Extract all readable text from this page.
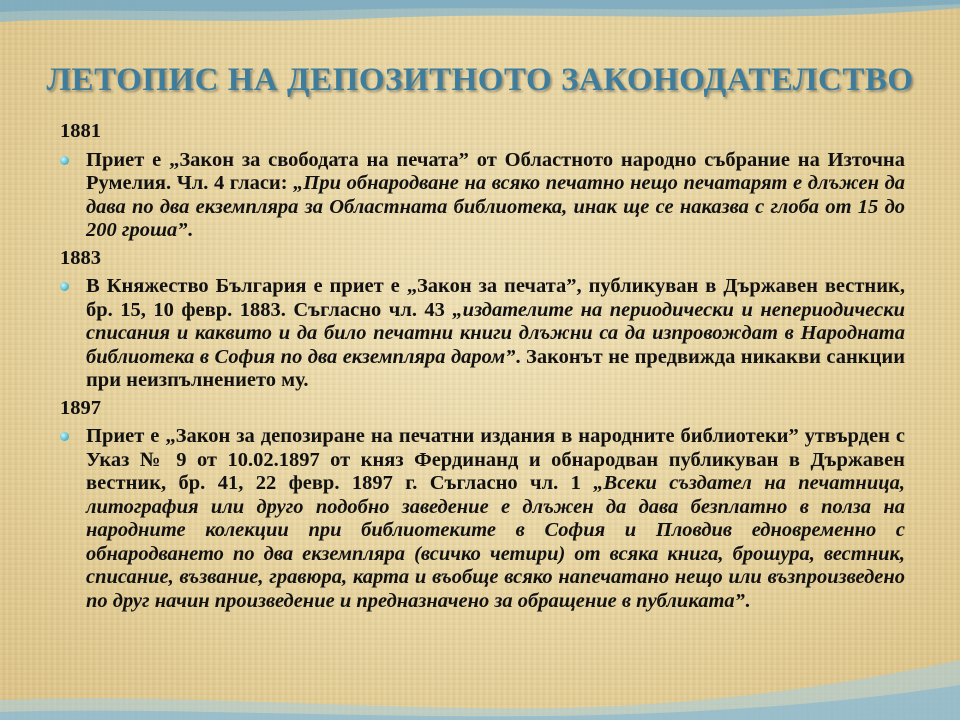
ЛЕТОПИС НА ДЕПОЗИТНОТО ЗАКОНОДАТЕЛСТВО
1881
Приет е „Закон за свободата на печата” от Областното народно събрание на Източна Румелия. Чл. 4 гласи: „При обнародване на всяко печатно нещо печатарят е длъжен да дава по два екземпляра за Областната библиотека, инак ще се наказва с глоба от 15 до 200 гроша”.
1883
В Княжество България е приет е „Закон за печата”, публикуван в Държавен вестник, бр. 15, 10 февр. 1883. Съгласно чл. 43 „издателите на периодически и непериодически списания и каквито и да било печатни книги длъжни са да изпровождат в Народната библиотека в София по два екземпляра даром”. Законът не предвижда никакви санкции при неизпълнението му.
1897
Приет е „Закон за депозиране на печатни издания в народните библиотеки” утвърден с Указ № 9 от 10.02.1897 от княз Фердинанд и обнародван публикуван в Държавен вестник, бр. 41, 22 февр. 1897 г. Съгласно чл. 1 „Всеки създател на печатница, литография или друго подобно заведение е длъжен да дава безплатно в полза на народните колекции при библиотеките в София и Пловдив едновременно с обнародването по два екземпляра (всичко четири) от всяка книга, брошура, вестник, списание, възвание, гравюра, карта и въобще всяко напечатано нещо или възпроизведено по друг начин произведение и предназначено за обращение в публиката”.
